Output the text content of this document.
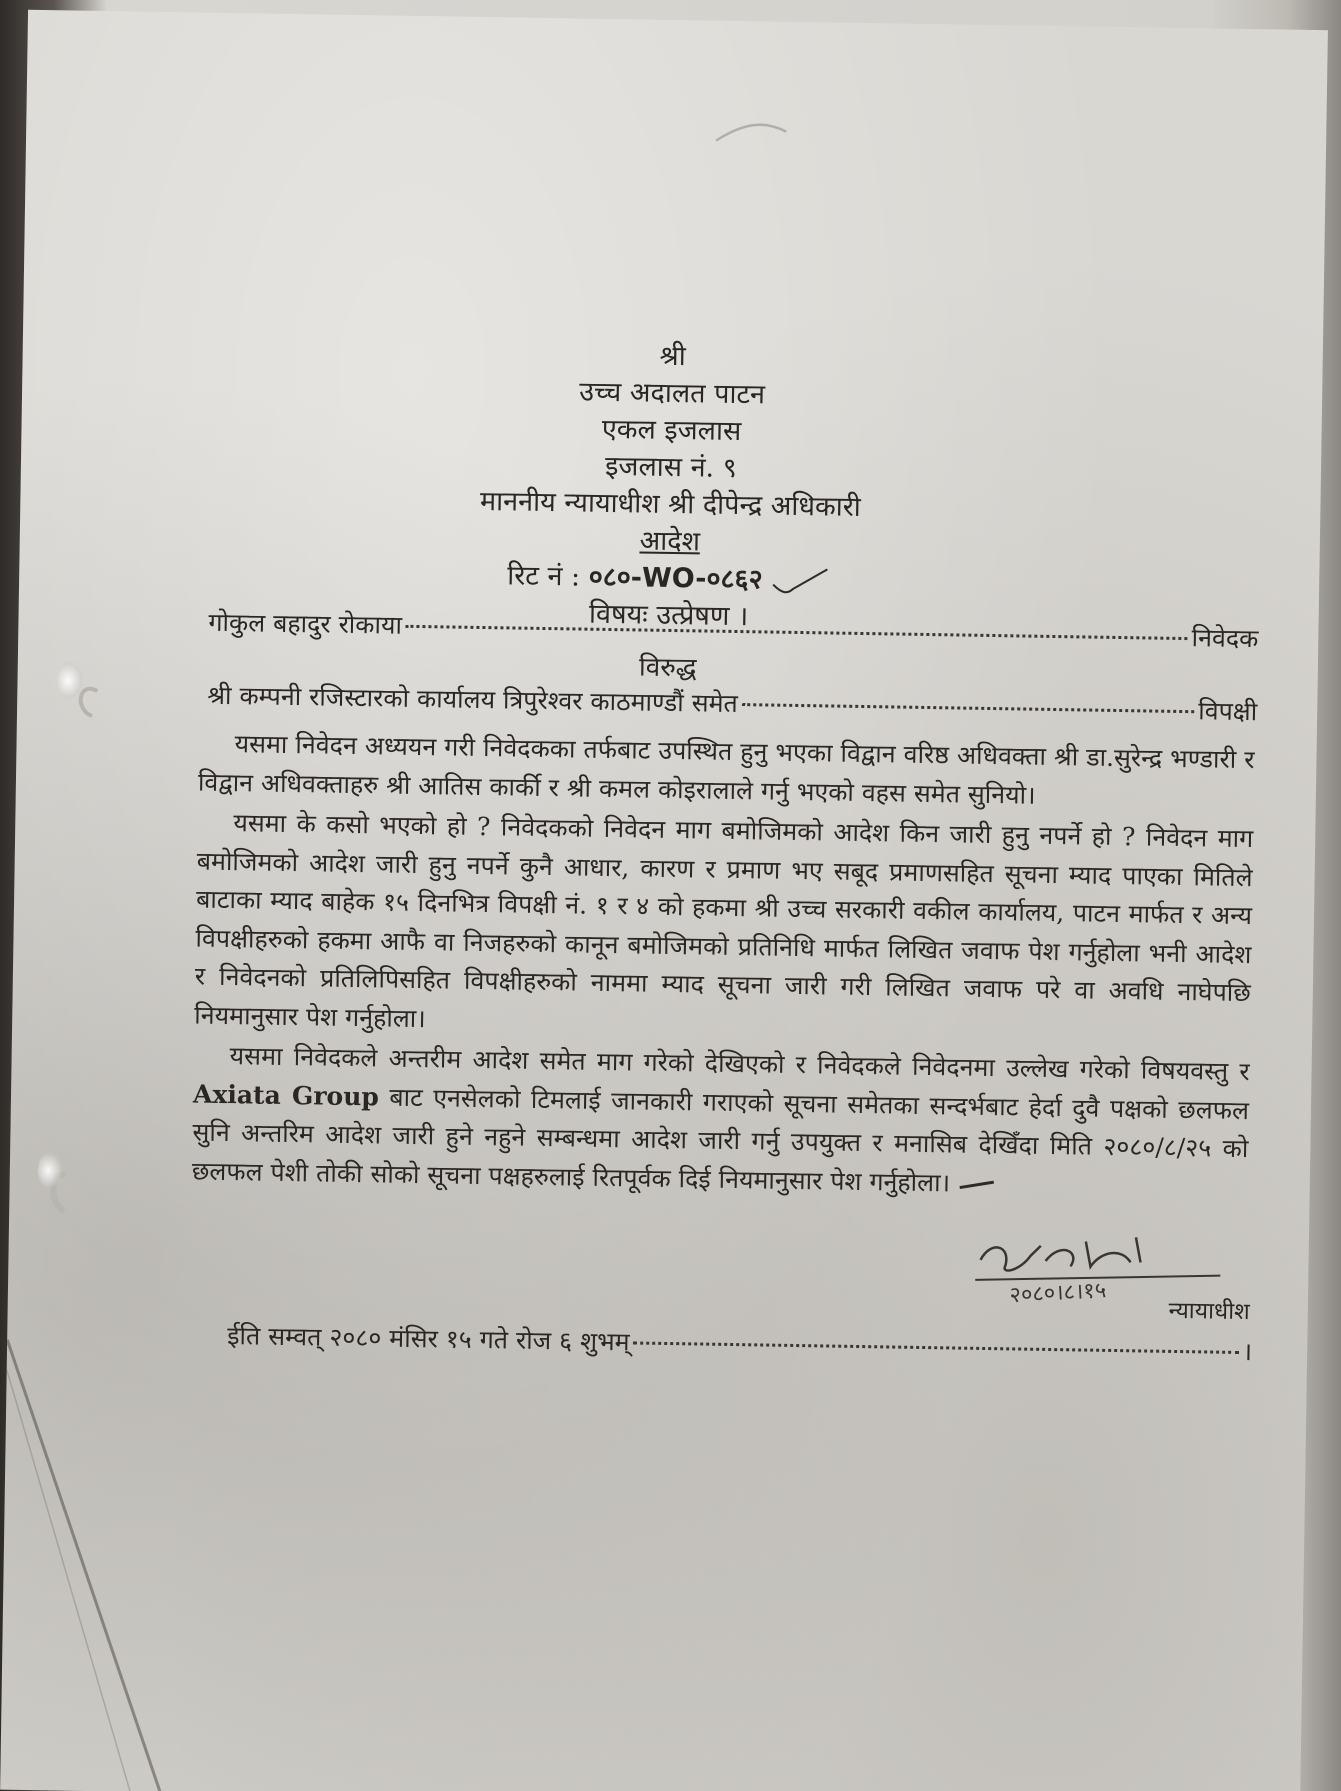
श्री
उच्च अदालत पाटन
एकल इजलास
इजलास नं. ९
माननीय न्यायाधीश श्री दीपेन्द्र अधिकारी
आदेश
रिट नं : ०८०-WO-०८६२
विषयः उत्प्रेषण ।
गोकुल बहादुर रोकाया	निवेदक
विरुद्ध
श्री कम्पनी रजिस्टारको कार्यालय त्रिपुरेश्वर काठमाण्डौं समेत	विपक्षी

यसमा निवेदन अध्ययन गरी निवेदकका तर्फबाट उपस्थित हुनु भएका विद्वान वरिष्ठ अधिवक्ता श्री डा.सुरेन्द्र भण्डारी र विद्वान अधिवक्ताहरु श्री आतिस कार्की र श्री कमल कोइरालाले गर्नु भएको वहस समेत सुनियो।

यसमा के कसो भएको हो ? निवेदकको निवेदन माग बमोजिमको आदेश किन जारी हुनु नपर्ने हो ? निवेदन माग बमोजिमको आदेश जारी हुनु नपर्ने कुनै आधार, कारण र प्रमाण भए सबूद प्रमाणसहित सूचना म्याद पाएका मितिले बाटाका म्याद बाहेक १५ दिनभित्र विपक्षी नं. १ र ४ को हकमा श्री उच्च सरकारी वकील कार्यालय, पाटन मार्फत र अन्य विपक्षीहरुको हकमा आफै वा निजहरुको कानून बमोजिमको प्रतिनिधि मार्फत लिखित जवाफ पेश गर्नुहोला भनी आदेश र निवेदनको प्रतिलिपिसहित विपक्षीहरुको नाममा म्याद सूचना जारी गरी लिखित जवाफ परे वा अवधि नाघेपछि नियमानुसार पेश गर्नुहोला।

यसमा निवेदकले अन्तरीम आदेश समेत माग गरेको देखिएको र निवेदकले निवेदनमा उल्लेख गरेको विषयवस्तु र Axiata Group बाट एनसेलको टिमलाई जानकारी गराएको सूचना समेतका सन्दर्भबाट हेर्दा दुवै पक्षको छलफल सुनि अन्तरिम आदेश जारी हुने नहुने सम्बन्धमा आदेश जारी गर्नु उपयुक्त र मनासिब देखिँदा मिति २०८०/८/२५ को छलफल पेशी तोकी सोको सूचना पक्षहरुलाई रितपूर्वक दिई नियमानुसार पेश गर्नुहोला।

२०८०।८।१५
न्यायाधीश
ईति सम्वत् २०८० मंसिर १५ गते रोज ६ शुभम्	।
